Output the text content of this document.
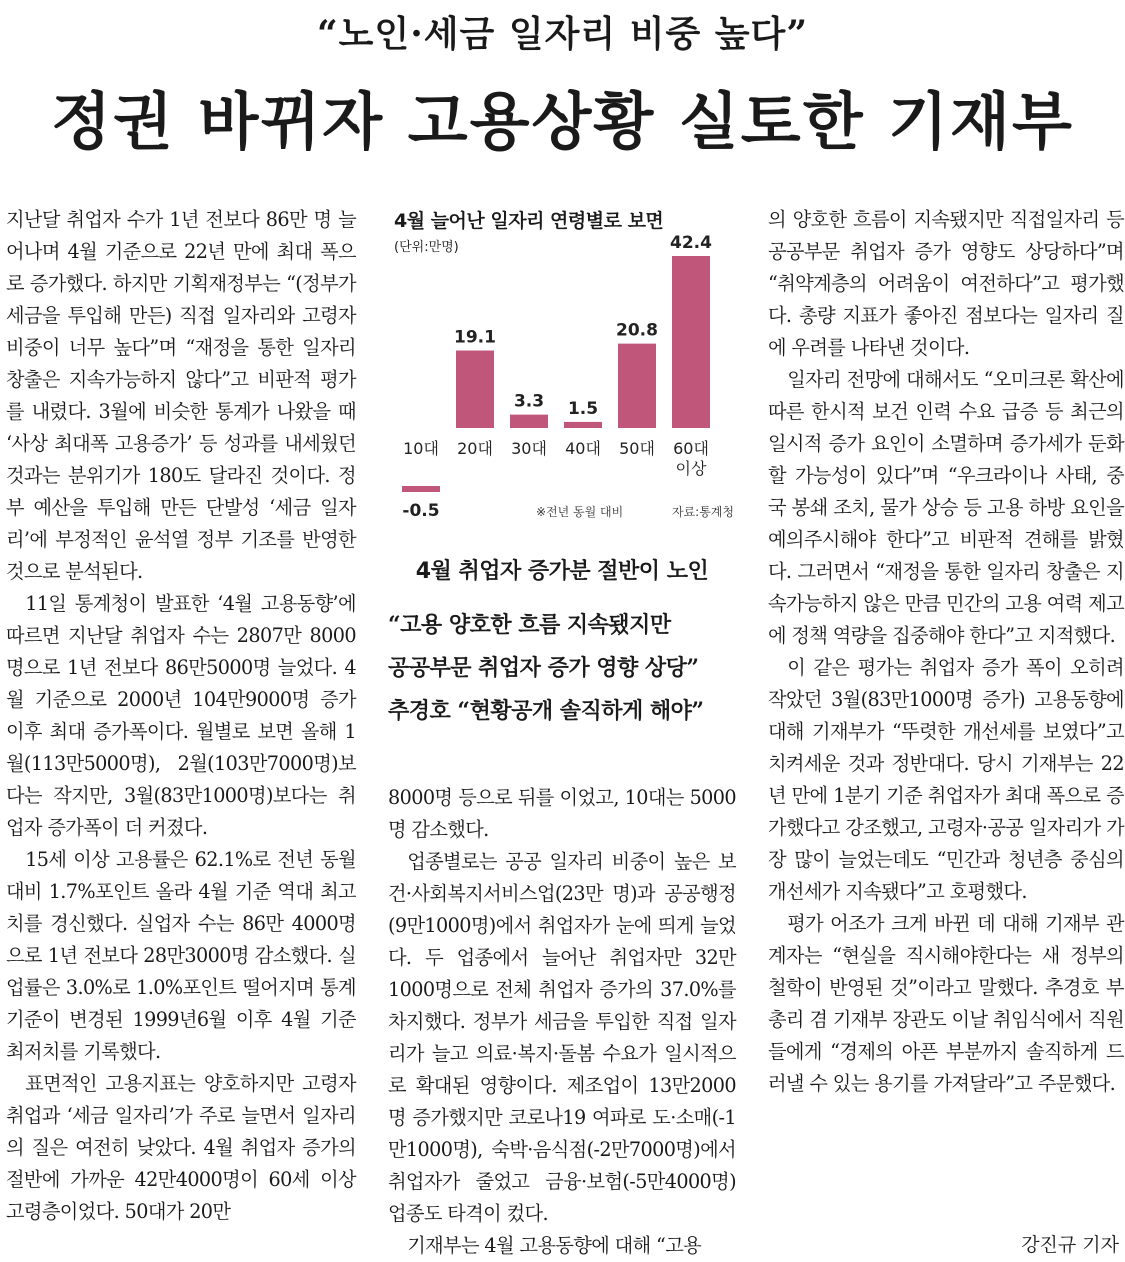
“노인·세금 일자리 비중 높다”
정권 바뀌자 고용상황 실토한 기재부

지난달 취업자 수가 1년 전보다 86만 명 늘어나며 4월 기준으로 22년 만에 최대 폭으로 증가했다. 하지만 기획재정부는 “(정부가 세금을 투입해 만든) 직접 일자리와 고령자 비중이 너무 높다”며 “재정을 통한 일자리 창출은 지속가능하지 않다”고 비판적 평가를 내렸다. 3월에 비슷한 통계가 나왔을 때 ‘사상 최대폭 고용증가’ 등 성과를 내세웠던 것과는 분위기가 180도 달라진 것이다. 정부 예산을 투입해 만든 단발성 ‘세금 일자리’에 부정적인 윤석열 정부 기조를 반영한 것으로 분석된다.

11일 통계청이 발표한 ‘4월 고용동향’에 따르면 지난달 취업자 수는 2807만 8000명으로 1년 전보다 86만5000명 늘었다. 4월 기준으로 2000년 104만9000명 증가 이후 최대 증가폭이다. 월별로 보면 올해 1월(113만5000명), 2월(103만7000명)보다는 작지만, 3월(83만1000명)보다는 취업자 증가폭이 더 커졌다.

15세 이상 고용률은 62.1%로 전년 동월 대비 1.7%포인트 올라 4월 기준 역대 최고치를 경신했다. 실업자 수는 86만 4000명으로 1년 전보다 28만3000명 감소했다. 실업률은 3.0%로 1.0%포인트 떨어지며 통계 기준이 변경된 1999년6월 이후 4월 기준 최저치를 기록했다.

표면적인 고용지표는 양호하지만 고령자 취업과 ‘세금 일자리’가 주로 늘면서 일자리의 질은 여전히 낮았다. 4월 취업자 증가의 절반에 가까운 42만4000명이 60세 이상 고령층이었다. 50대가 20만

4월 늘어난 일자리 연령별로 보면
(단위:만명)
-0.5
10대
19.1
20대
3.3
30대
1.5
40대
20.8
50대
42.4
60대
이상
※전년 동월 대비	자료:통계청
4월 취업자 증가분 절반이 노인
“고용 양호한 흐름 지속됐지만
공공부문 취업자 증가 영향 상당”
추경호 “현황공개 솔직하게 해야”

8000명 등으로 뒤를 이었고, 10대는 5000명 감소했다.

업종별로는 공공 일자리 비중이 높은 보건·사회복지서비스업(23만 명)과 공공행정(9만1000명)에서 취업자가 눈에 띄게 늘었다. 두 업종에서 늘어난 취업자만 32만1000명으로 전체 취업자 증가의 37.0%를 차지했다. 정부가 세금을 투입한 직접 일자리가 늘고 의료·복지·돌봄 수요가 일시적으로 확대된 영향이다. 제조업이 13만2000명 증가했지만 코로나19 여파로 도·소매(-1만1000명), 숙박·음식점(-2만7000명)에서 취업자가 줄었고 금융·보험(-5만4000명) 업종도 타격이 컸다.

기재부는 4월 고용동향에 대해 “고용

의 양호한 흐름이 지속됐지만 직접일자리 등 공공부문 취업자 증가 영향도 상당하다”며 “취약계층의 어려움이 여전하다”고 평가했다. 총량 지표가 좋아진 점보다는 일자리 질에 우려를 나타낸 것이다.

일자리 전망에 대해서도 “오미크론 확산에 따른 한시적 보건 인력 수요 급증 등 최근의 일시적 증가 요인이 소멸하며 증가세가 둔화할 가능성이 있다”며 “우크라이나 사태, 중국 봉쇄 조치, 물가 상승 등 고용 하방 요인을 예의주시해야 한다”고 비판적 견해를 밝혔다. 그러면서 “재정을 통한 일자리 창출은 지속가능하지 않은 만큼 민간의 고용 여력 제고에 정책 역량을 집중해야 한다”고 지적했다.

이 같은 평가는 취업자 증가 폭이 오히려 작았던 3월(83만1000명 증가) 고용동향에 대해 기재부가 “뚜렷한 개선세를 보였다”고 치켜세운 것과 정반대다. 당시 기재부는 22년 만에 1분기 기준 취업자가 최대 폭으로 증가했다고 강조했고, 고령자·공공 일자리가 가장 많이 늘었는데도 “민간과 청년층 중심의 개선세가 지속됐다”고 호평했다.

평가 어조가 크게 바뀐 데 대해 기재부 관계자는 “현실을 직시해야한다는 새 정부의 철학이 반영된 것”이라고 말했다. 추경호 부총리 겸 기재부 장관도 이날 취임식에서 직원들에게 “경제의 아픈 부분까지 솔직하게 드러낼 수 있는 용기를 가져달라”고 주문했다.

강진규 기자
